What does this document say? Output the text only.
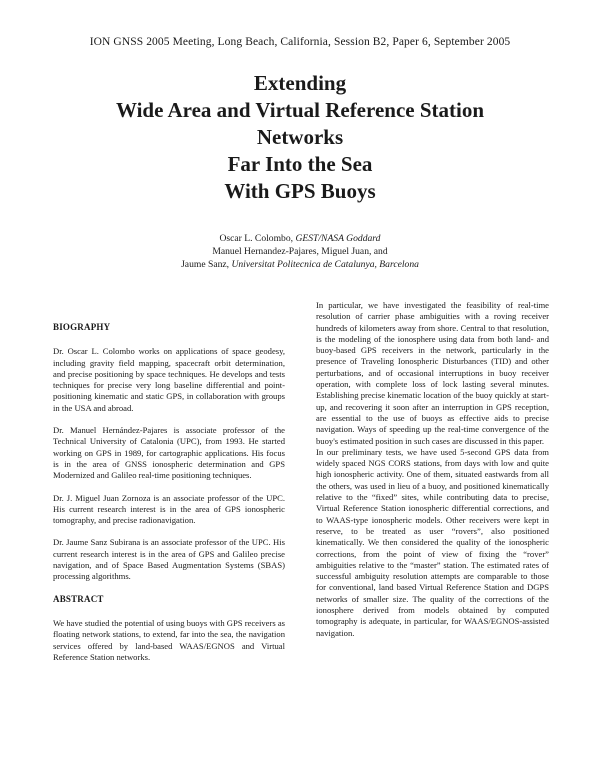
ION GNSS 2005 Meeting, Long Beach, California, Session B2, Paper 6, September 2005
Extending
Wide Area and Virtual Reference Station
Networks
Far Into the Sea
With GPS Buoys
Oscar L. Colombo, GEST/NASA Goddard
Manuel Hernandez-Pajares, Miguel Juan, and
Jaume Sanz, Universitat Politecnica de Catalunya, Barcelona
BIOGRAPHY

Dr. Oscar L. Colombo works on applications of space geodesy, including gravity field mapping, spacecraft orbit determination, and precise positioning by space techniques. He develops and tests techniques for precise very long baseline differential and point-positioning kinematic and static GPS, in collaboration with groups in the USA and abroad.

Dr. Manuel Hernández-Pajares is associate professor of the Technical University of Catalonia (UPC), from 1993. He started working on GPS in 1989, for cartographic applications. His focus is in the area of GNSS ionospheric determination and GPS Modernized and Galileo real-time positioning techniques.

Dr. J. Miguel Juan Zornoza is an associate professor of the UPC. His current research interest is in the area of GPS ionospheric tomography, and precise radionavigation.

Dr. Jaume Sanz Subirana is an associate professor of the UPC. His current research interest is in the area of GPS and Galileo precise navigation, and of Space Based Augmentation Systems (SBAS) processing algorithms.

ABSTRACT

We have studied the potential of using buoys with GPS receivers as floating network stations, to extend, far into the sea, the navigation services offered by land-based WAAS/EGNOS and Virtual Reference Station networks.

In particular, we have investigated the feasibility of real-time resolution of carrier phase ambiguities with a roving receiver hundreds of kilometers away from shore. Central to that resolution, is the modeling of the ionosphere using data from both land- and buoy-based GPS receivers in the network, particularly in the presence of Traveling Ionospheric Disturbances (TID) and other perturbations, and of occasional interruptions in buoy receiver operation, with complete loss of lock lasting several minutes. Establishing precise kinematic location of the buoy quickly at start-up, and recovering it soon after an interruption in GPS reception, are essential to the use of buoys as effective aids to precise navigation. Ways of speeding up the real-time convergence of the buoy's estimated position in such cases are discussed in this paper.

In our preliminary tests, we have used 5-second GPS data from widely spaced NGS CORS stations, from days with low and quite high ionospheric activity. One of them, situated eastwards from all the others, was used in lieu of a buoy, and positioned kinematically relative to the “fixed” sites, while contributing data to precise, Virtual Reference Station ionospheric differential corrections, and to WAAS-type ionospheric models. Other receivers were kept in reserve, to be treated as user “rovers”, also positioned kinematically. We then considered the quality of the ionospheric corrections, from the point of view of fixing the “rover” ambiguities relative to the “master” station. The estimated rates of successful ambiguity resolution attempts are comparable to those for conventional, land based Virtual Reference Station and DGPS networks of smaller size. The quality of the corrections of the ionosphere derived from models obtained by computed tomography is adequate, in particular, for WAAS/EGNOS-assisted navigation.
